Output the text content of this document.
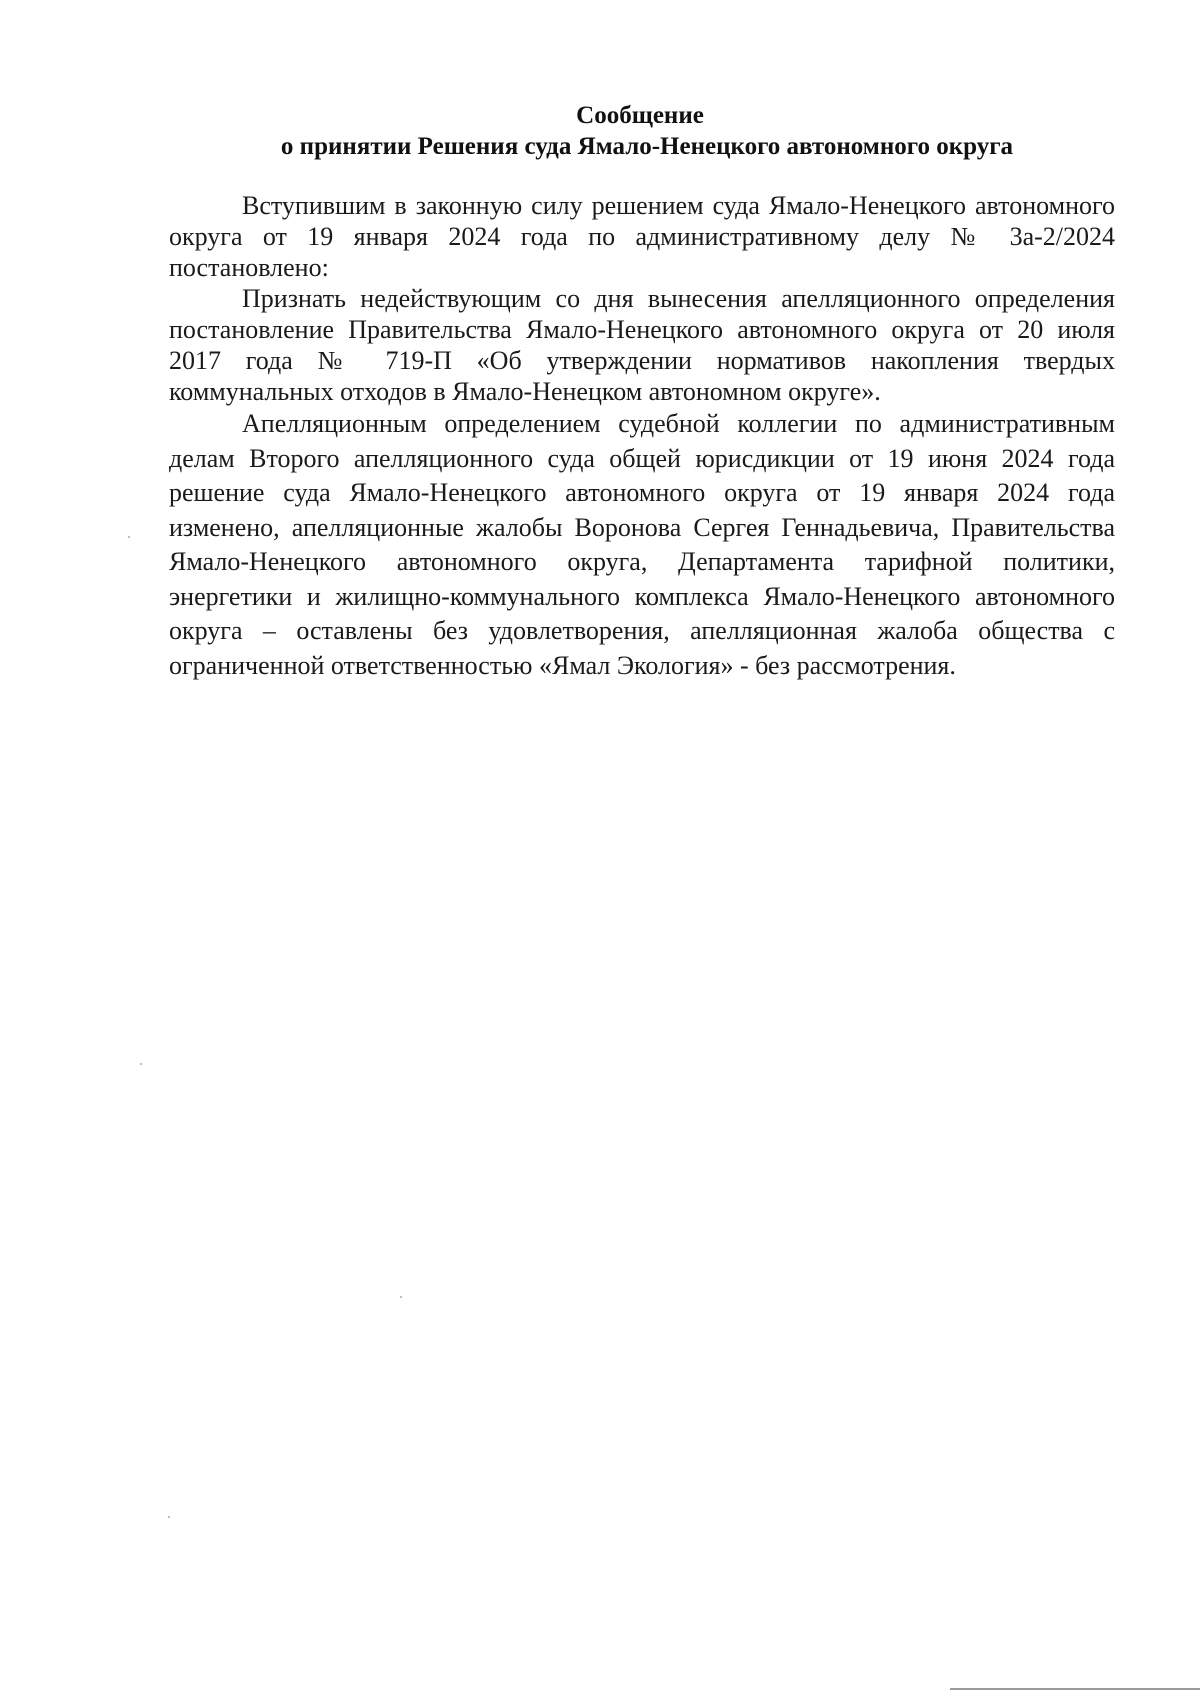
Сообщение
о принятии Решения суда Ямало-Ненецкого автономного округа

Вступившим в законную силу решением суда Ямало-Ненецкого автономного округа от 19 января 2024 года по административному делу № 3а-2/2024 постановлено:

Признать недействующим со дня вынесения апелляционного определения постановление Правительства Ямало-Ненецкого автономного округа от 20 июля 2017 года № 719-П «Об утверждении нормативов накопления твердых коммунальных отходов в Ямало-Ненецком автономном округе».

Апелляционным определением судебной коллегии по административным делам Второго апелляционного суда общей юрисдикции от 19 июня 2024 года решение суда Ямало-Ненецкого автономного округа от 19 января 2024 года изменено, апелляционные жалобы Воронова Сергея Геннадьевича, Правительства Ямало-Ненецкого автономного округа, Департамента тарифной политики, энергетики и жилищно-коммунального комплекса Ямало-Ненецкого автономного округа – оставлены без удовлетворения, апелляционная жалоба общества с ограниченной ответственностью «Ямал Экология» - без рассмотрения.
